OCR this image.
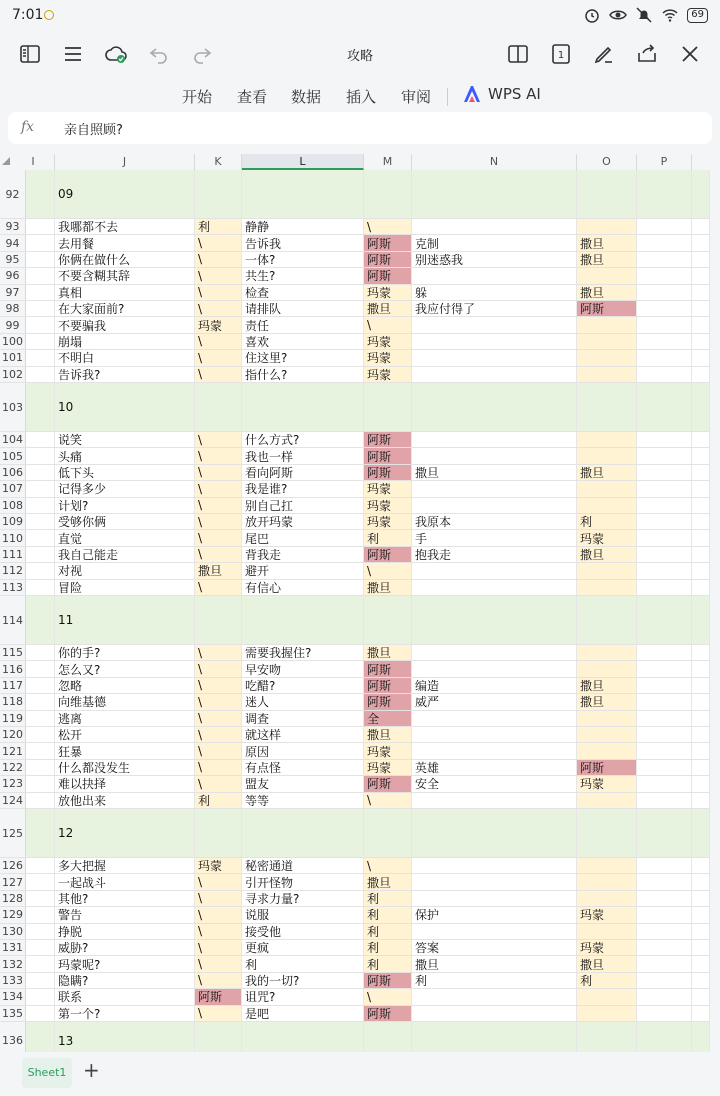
7:01	69
攻略	1
开始 查看 数据 插入 审阅	WPS AI
fx 亲自照顾?
I	J	K	L	M	N	O	P
92	09
93	我哪都不去	利	静静	\
94	去用餐	\	告诉我	阿斯	克制	撒旦
95	你俩在做什么	\	一体?	阿斯	别迷惑我	撒旦
96	不要含糊其辞	\	共生?	阿斯
97	真相	\	检查	玛蒙	躲	撒旦
98	在大家面前?	\	请排队	撒旦	我应付得了	阿斯
99	不要骗我	玛蒙	责任	\
100	崩塌	\	喜欢	玛蒙
101	不明白	\	住这里?	玛蒙
102	告诉我?	\	指什么?	玛蒙
103	10
104	说笑	\	什么方式?	阿斯
105	头痛	\	我也一样	阿斯
106	低下头	\	看向阿斯	阿斯	撒旦	撒旦
107	记得多少	\	我是谁?	玛蒙
108	计划?	\	别自己扛	玛蒙
109	受够你俩	\	放开玛蒙	玛蒙	我原本	利
110	直觉	\	尾巴	利	手	玛蒙
111	我自己能走	\	背我走	阿斯	抱我走	撒旦
112	对视	撒旦	避开	\
113	冒险	\	有信心	撒旦
114	11
115	你的手?	\	需要我握住?	撒旦
116	怎么又?	\	早安吻	阿斯
117	忽略	\	吃醋?	阿斯	编造	撒旦
118	向维基德	\	迷人	阿斯	威严	撒旦
119	逃离	\	调查	全
120	松开	\	就这样	撒旦
121	狂暴	\	原因	玛蒙
122	什么都没发生	\	有点怪	玛蒙	英雄	阿斯
123	难以抉择	\	盟友	阿斯	安全	玛蒙
124	放他出来	利	等等	\
125	12
126	多大把握	玛蒙	秘密通道	\
127	一起战斗	\	引开怪物	撒旦
128	其他?	\	寻求力量?	利
129	警告	\	说服	利	保护	玛蒙
130	挣脱	\	接受他	利
131	威胁?	\	更疯	利	答案	玛蒙
132	玛蒙呢?	\	利	利	撒旦	撒旦
133	隐瞒?	\	我的一切?	阿斯	利	利
134	联系	阿斯	诅咒?	\
135	第一个?	\	是吧	阿斯
136	13
Sheet1 +
